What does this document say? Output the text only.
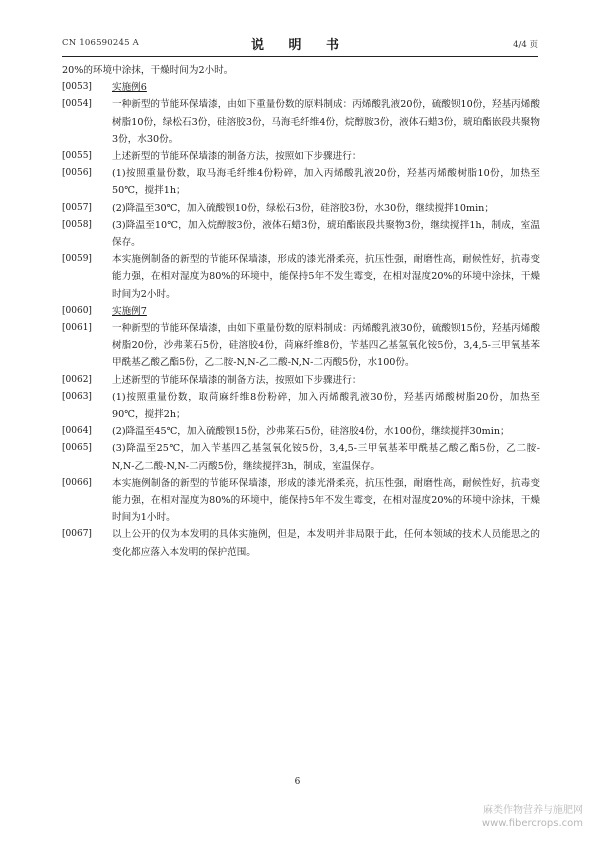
CN 106590245 A	说 明 书	4/4 页
20%的环境中涂抹，干燥时间为2小时。
[0053] 实施例6
[0054] 一种新型的节能环保墙漆，由如下重量份数的原料制成：丙烯酸乳液20份，硫酸钡10份，羟基丙烯酸树脂10份，绿松石3份，硅溶胶3份，马海毛纤维4份，烷醇胺3份，液体石蜡3份，琥珀酯嵌段共聚物3份，水30份。
[0055] 上述新型的节能环保墙漆的制备方法，按照如下步骤进行：
[0056] (1)按照重量份数，取马海毛纤维4份粉碎，加入丙烯酸乳液20份，羟基丙烯酸树脂10份，加热至50℃，搅拌1h；
[0057] (2)降温至30℃，加入硫酸钡10份，绿松石3份，硅溶胶3份，水30份，继续搅拌10min；
[0058] (3)降温至10℃，加入烷醇胺3份，液体石蜡3份，琥珀酯嵌段共聚物3份，继续搅拌1h，制成，室温保存。
[0059] 本实施例制备的新型的节能环保墙漆，形成的漆光滑柔亮，抗压性强，耐磨性高，耐候性好，抗毒变能力强，在相对湿度为80%的环境中，能保持5年不发生霉变，在相对湿度20%的环境中涂抹，干燥时间为2小时。
[0060] 实施例7
[0061] 一种新型的节能环保墙漆，由如下重量份数的原料制成：丙烯酸乳液30份，硫酸钡15份，羟基丙烯酸树脂20份，沙弗莱石5份，硅溶胶4份，苘麻纤维8份，苄基四乙基氢氧化铵5份，3,4,5-三甲氧基苯甲酰基乙酸乙酯5份，乙二胺-N,N-乙二酸-N,N-二丙酸5份，水100份。
[0062] 上述新型的节能环保墙漆的制备方法，按照如下步骤进行：
[0063] (1)按照重量份数，取苘麻纤维8份粉碎，加入丙烯酸乳液30份，羟基丙烯酸树脂20份，加热至90℃，搅拌2h；
[0064] (2)降温至45℃，加入硫酸钡15份，沙弗莱石5份，硅溶胶4份，水100份，继续搅拌30min；
[0065] (3)降温至25℃，加入苄基四乙基氢氧化铵5份，3,4,5-三甲氧基苯甲酰基乙酸乙酯5份，乙二胺-N,N-乙二酸-N,N-二丙酸5份，继续搅拌3h，制成，室温保存。
[0066] 本实施例制备的新型的节能环保墙漆，形成的漆光滑柔亮，抗压性强，耐磨性高，耐候性好，抗毒变能力强，在相对湿度为80%的环境中，能保持5年不发生霉变，在相对湿度20%的环境中涂抹，干燥时间为1小时。
[0067] 以上公开的仅为本发明的具体实施例，但是，本发明并非局限于此，任何本领域的技术人员能思之的变化都应落入本发明的保护范围。
6
麻类作物营养与施肥网
www.fibercrops.com
